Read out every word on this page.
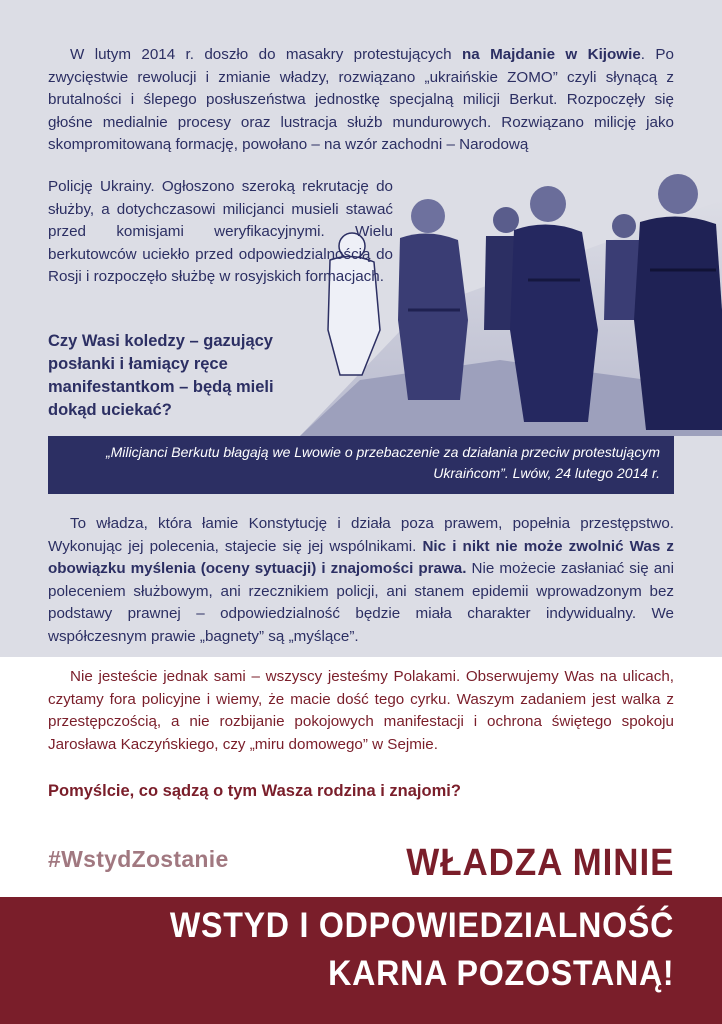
W lutym 2014 r. doszło do masakry protestujących na Majdanie w Kijowie. Po zwycięstwie rewolucji i zmianie władzy, rozwiązano „ukraińskie ZOMO” czyli słynącą z brutalności i ślepego posłuszeństwa jednostkę specjalną milicji Berkut. Rozpoczęły się głośne medialnie procesy oraz lustracja służb mundurowych. Rozwiązano milicję jako skompromitowaną formację, powołano – na wzór zachodni – Narodową
Policję Ukrainy. Ogłoszono szeroką rekrutację do służby, a dotychczasowi milicjanci musieli stawać przed komisjami weryfikacyjnymi. Wielu berkutowców uciekło przed odpowiedzialnością do Rosji i rozpoczęło służbę w rosyjskich formacjach.
Czy Wasi koledzy – gazujący posłanki i łamiący ręce manifestantkom – będą mieli dokąd uciekać?
„Milicjanci Berkutu błagają we Lwowie o przebaczenie za działania przeciw protestującym Ukraińcom”. Lwów, 24 lutego 2014 r.
To władza, która łamie Konstytucję i działa poza prawem, popełnia przestępstwo. Wykonując jej polecenia, stajecie się jej wspólnikami. Nic i nikt nie może zwolnić Was z obowiązku myślenia (oceny sytuacji) i znajomości prawa. Nie możecie zasłaniać się ani poleceniem służbowym, ani rzecznikiem policji, ani stanem epidemii wprowadzonym bez podstawy prawnej – odpowiedzialność będzie miała charakter indywidualny. We współczesnym prawie „bagnety” są „myślące”.
Nie jesteście jednak sami – wszyscy jesteśmy Polakami. Obserwujemy Was na ulicach, czytamy fora policyjne i wiemy, że macie dość tego cyrku. Waszym zadaniem jest walka z przestępczością, a nie rozbijanie pokojowych manifestacji i ochrona świętego spokoju Jarosława Kaczyńskiego, czy „miru domowego” w Sejmie.
Pomyślcie, co sądzą o tym Wasza rodzina i znajomi?
#WstydZostanie	WŁADZA MINIE
WSTYD I ODPOWIEDZIALNOŚĆ
KARNA POZOSTANĄ!
